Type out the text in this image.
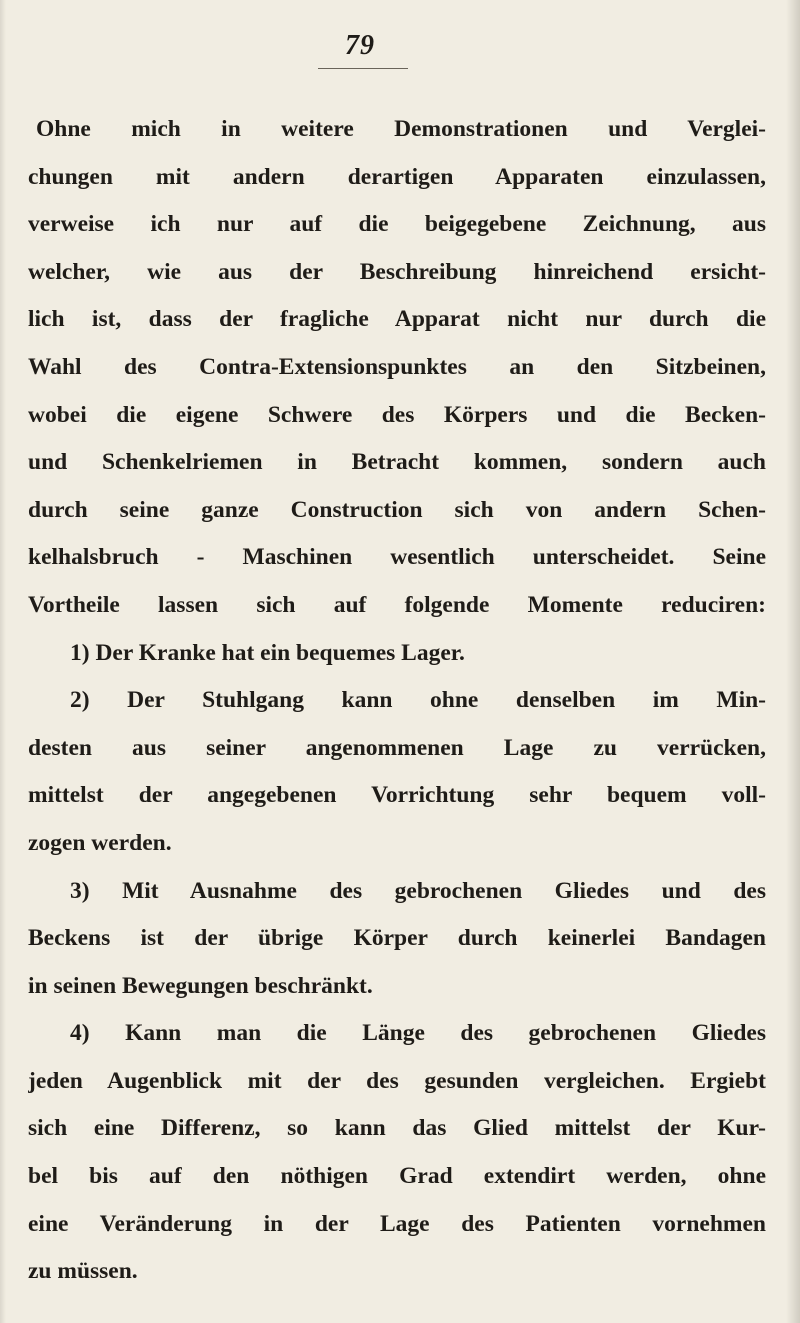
79
Ohne mich in weitere Demonstrationen und Verglei-
chungen mit andern derartigen Apparaten einzulassen,
verweise ich nur auf die beigegebene Zeichnung, aus
welcher, wie aus der Beschreibung hinreichend ersicht-
lich ist, dass der fragliche Apparat nicht nur durch die
Wahl des Contra-Extensionspunktes an den Sitzbeinen,
wobei die eigene Schwere des Körpers und die Becken-
und Schenkelriemen in Betracht kommen, sondern auch
durch seine ganze Construction sich von andern Schen-
kelhalsbruch - Maschinen wesentlich unterscheidet. Seine
Vortheile lassen sich auf folgende Momente reduciren:
1) Der Kranke hat ein bequemes Lager.
2) Der Stuhlgang kann ohne denselben im Min-
desten aus seiner angenommenen Lage zu verrücken,
mittelst der angegebenen Vorrichtung sehr bequem voll-
zogen werden.
3) Mit Ausnahme des gebrochenen Gliedes und des
Beckens ist der übrige Körper durch keinerlei Bandagen
in seinen Bewegungen beschränkt.
4) Kann man die Länge des gebrochenen Gliedes
jeden Augenblick mit der des gesunden vergleichen. Ergiebt
sich eine Differenz, so kann das Glied mittelst der Kur-
bel bis auf den nöthigen Grad extendirt werden, ohne
eine Veränderung in der Lage des Patienten vornehmen
zu müssen.
